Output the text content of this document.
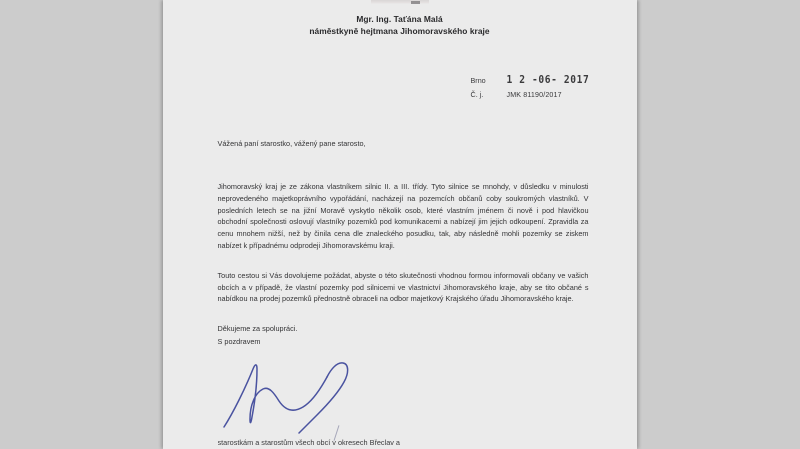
Mgr. Ing. Taťána Malá
náměstkyně hejtmana Jihomoravského kraje
Brno	1 2 -06- 2017
Č. j.	JMK 81190/2017
Vážená paní starostko, vážený pane starosto,
Jihomoravský kraj je ze zákona vlastníkem silnic II. a III. třídy. Tyto silnice se mnohdy, v důsledku v minulosti neprovedeného majetkoprávního vypořádání, nacházejí na pozemcích občanů coby soukromých vlastníků. V posledních letech se na jižní Moravě vyskytlo několik osob, které vlastním jménem či nově i pod hlavičkou obchodní společnosti oslovují vlastníky pozemků pod komunikacemi a nabízejí jim jejich odkoupení. Zpravidla za cenu mnohem nižší, než by činila cena dle znaleckého posudku, tak, aby následně mohli pozemky se ziskem nabízet k případnému odprodeji Jihomoravskému kraji.
Touto cestou si Vás dovolujeme požádat, abyste o této skutečnosti vhodnou formou informovali občany ve vašich obcích a v případě, že vlastní pozemky pod silnicemi ve vlastnictví Jihomoravského kraje, aby se tito občané s nabídkou na prodej pozemků přednostně obraceli na odbor majetkový Krajského úřadu Jihomoravského kraje.
Děkujeme za spolupráci.
S pozdravem
starostkám a starostům všech obcí v okresech Břeclav a
